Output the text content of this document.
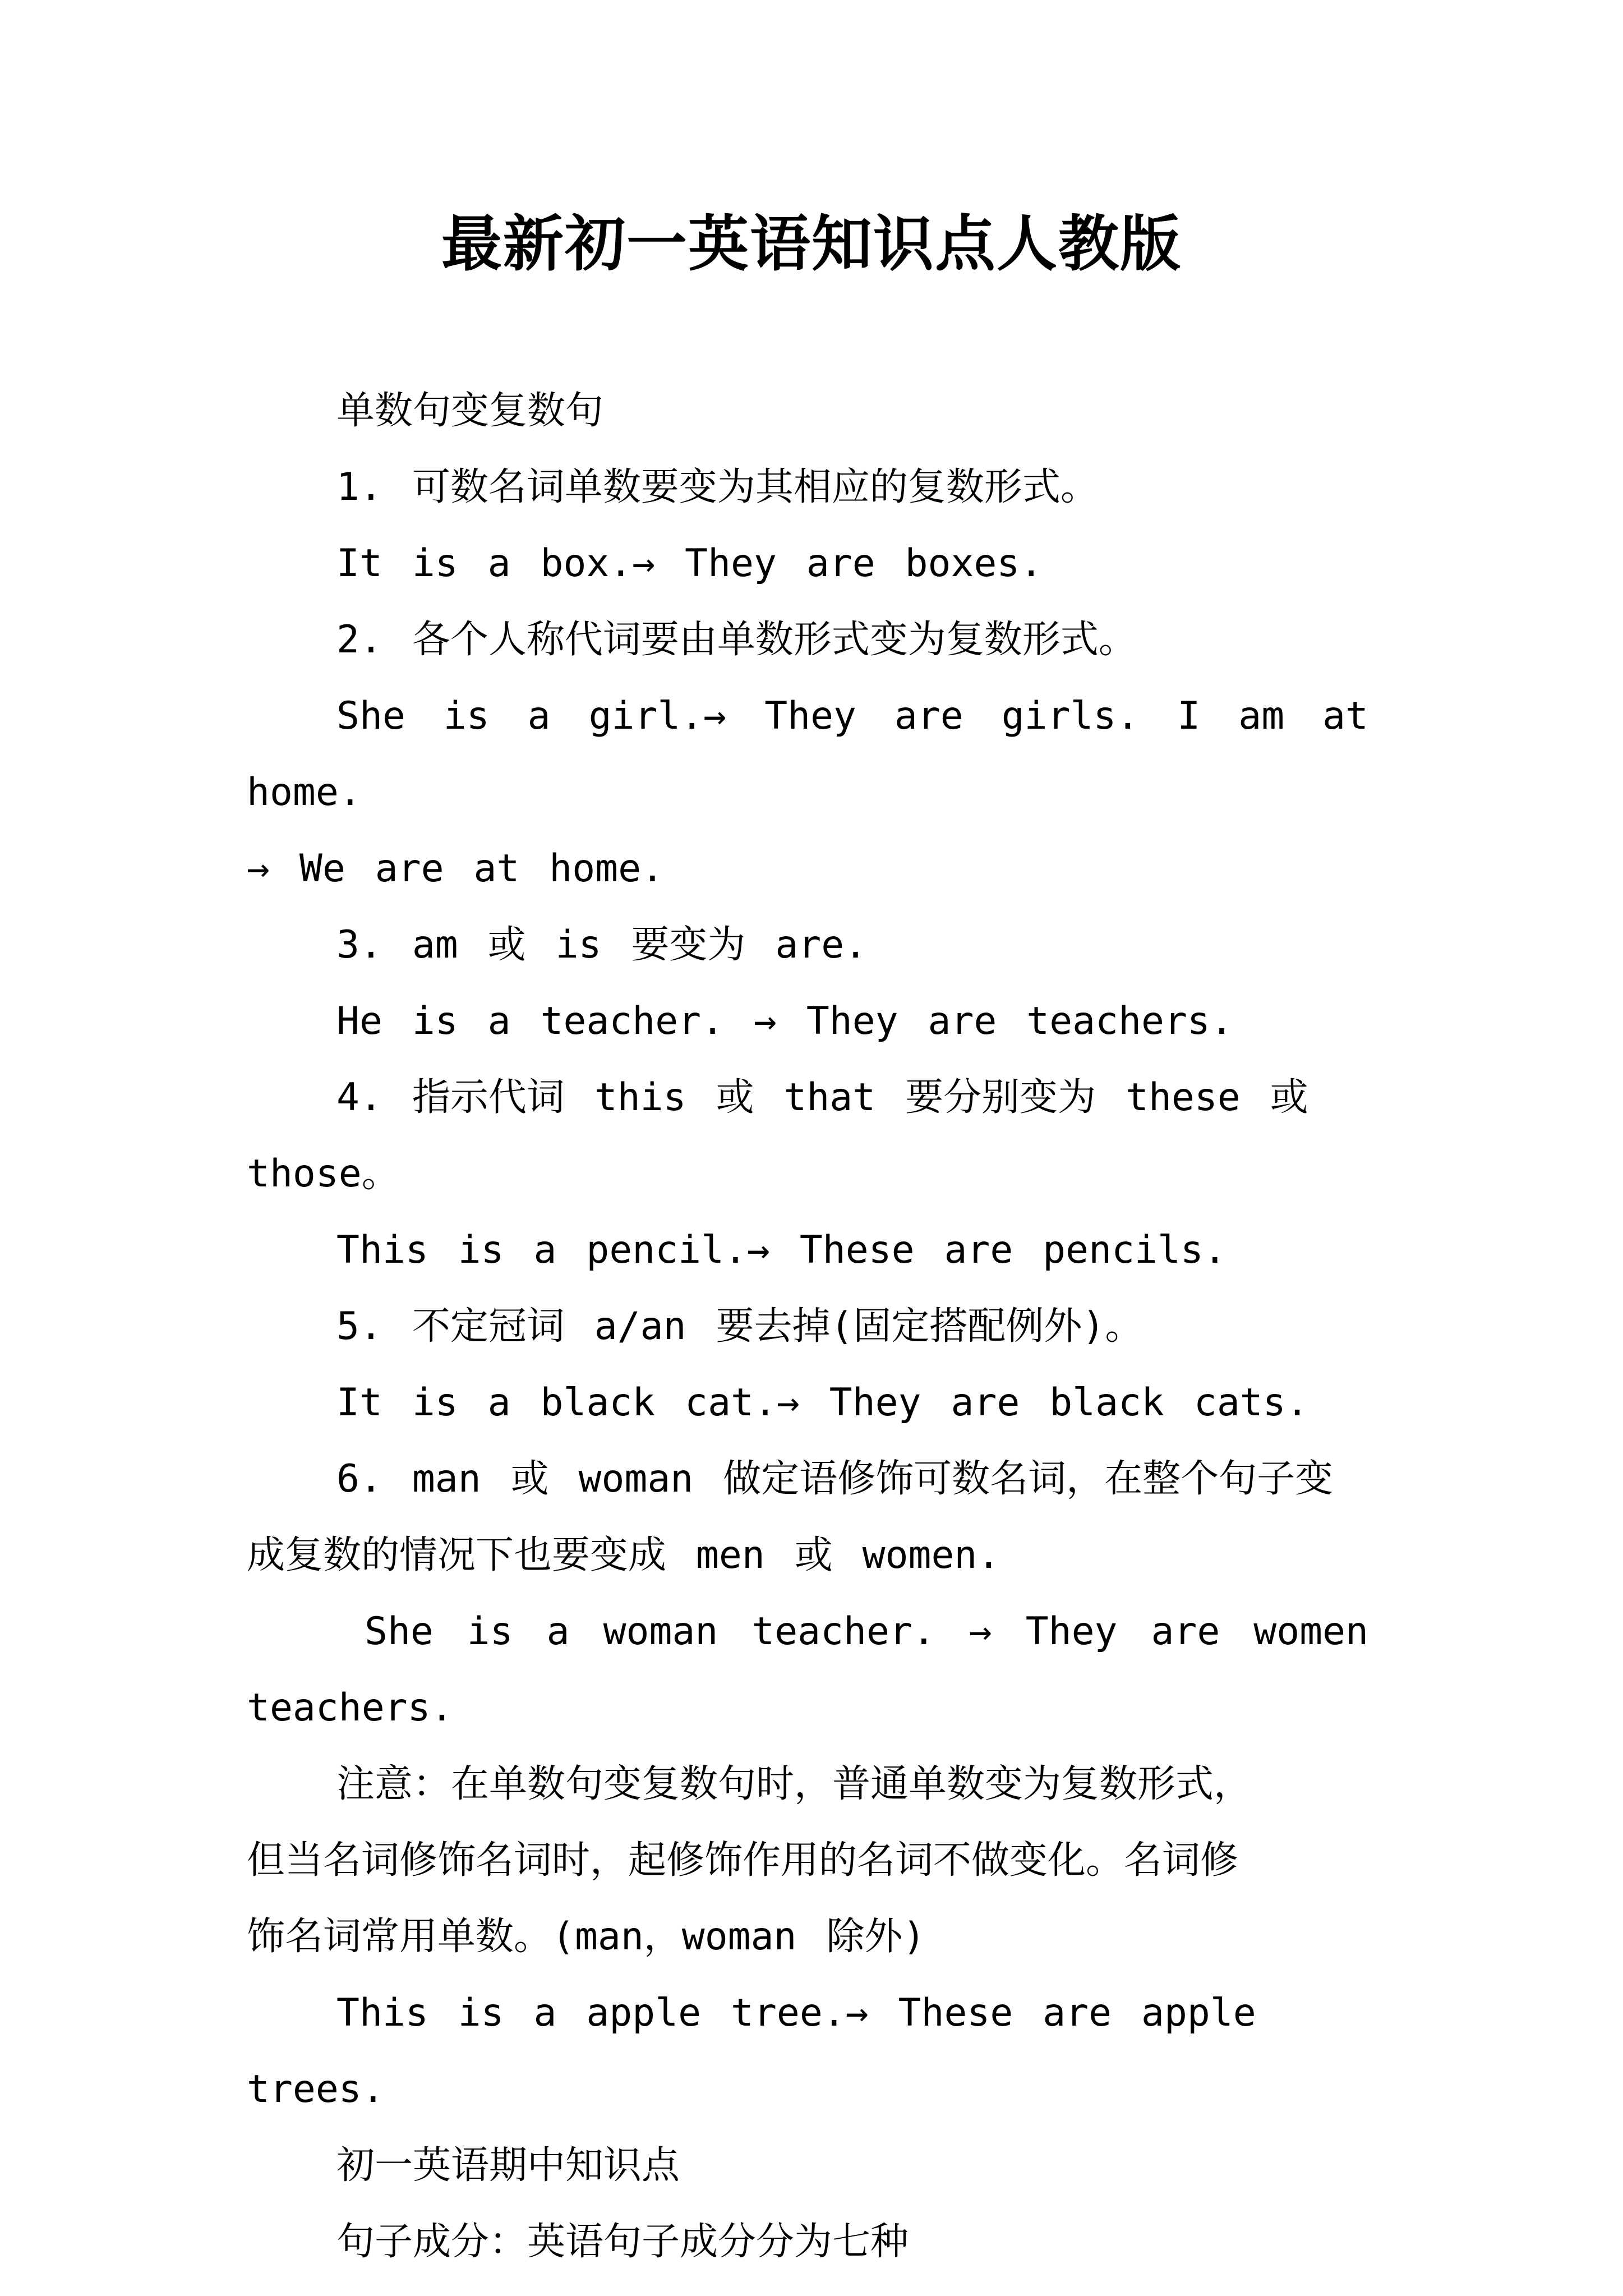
最新初一英语知识点人教版
单数句变复数句
1. 可数名词单数要变为其相应的复数形式。
It is a box.→ They are boxes.
2. 各个人称代词要由单数形式变为复数形式。
She is a girl.→ They are girls. I am at home.
→ We are at home.
3. am 或 is 要变为 are.
He is a teacher. → They are teachers.
4. 指示代词 this 或 that 要分别变为 these 或 those。
This is a pencil.→ These are pencils.
5. 不定冠词 a/an 要去掉(固定搭配例外)。
It is a black cat.→ They are black cats.
6. man 或 woman 做定语修饰可数名词，在整个句子变
成复数的情况下也要变成 men 或 women.
She is a woman teacher. → They are women
teachers.
注意：在单数句变复数句时，普通单数变为复数形式，
但当名词修饰名词时，起修饰作用的名词不做变化。名词修
饰名词常用单数。(man，woman 除外)
This is a apple tree.→ These are apple trees.
初一英语期中知识点
句子成分：英语句子成分分为七种
